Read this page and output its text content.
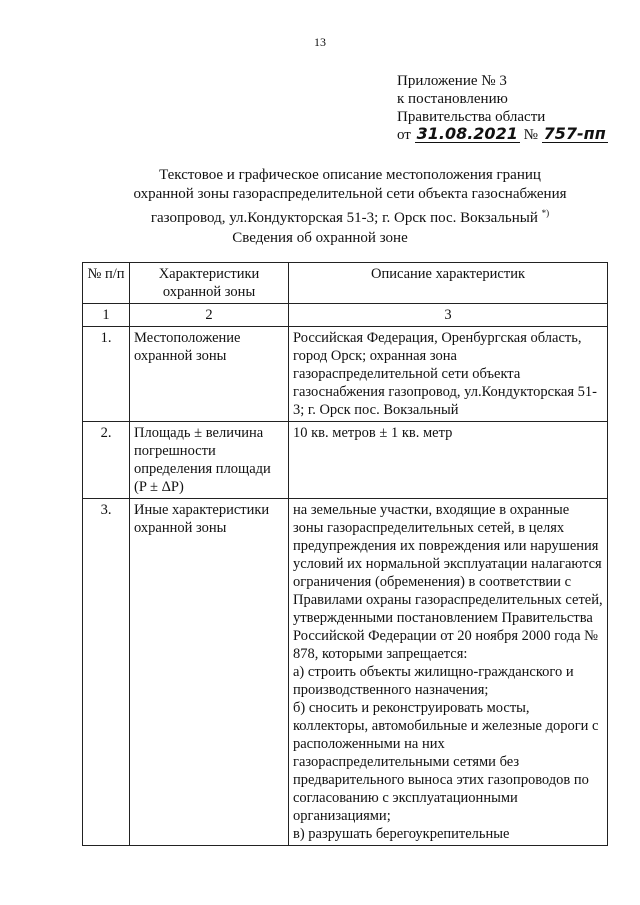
13
Приложение № 3
к постановлению
Правительства области
от 31.08.2021 № 757-пп
Текстовое и графическое описание местоположения границ
охранной зоны газораспределительной сети объекта газоснабжения
газопровод, ул.Кондукторская 51-3; г. Орск пос. Вокзальный *)
Сведения об охранной зоне
№ п/п	Характеристики охранной зоны	Описание характеристик
1	2	3
1.	Местоположение охранной зоны	Российская Федерация, Оренбургская область, город Орск; охранная зона газораспределительной сети объекта газоснабжения газопровод, ул.Кондукторская 51-3; г. Орск пос. Вокзальный
2.	Площадь ± величина погрешности определения площади (P ± ΔP)	10 кв. метров ± 1 кв. метр
3.	Иные характеристики охранной зоны	на земельные участки, входящие в охранные зоны газораспределительных сетей, в целях предупреждения их повреждения или нарушения условий их нормальной эксплуатации налагаются ограничения (обременения) в соответствии с Правилами охраны газораспределительных сетей, утвержденными постановлением Правительства Российской Федерации от 20 ноября 2000 года № 878, которыми запрещается:
а) строить объекты жилищно-гражданского и производственного назначения;
б) сносить и реконструировать мосты, коллекторы, автомобильные и железные дороги с расположенными на них газораспределительными сетями без предварительного выноса этих газопроводов по согласованию с эксплуатационными организациями;
в) разрушать берегоукрепительные
